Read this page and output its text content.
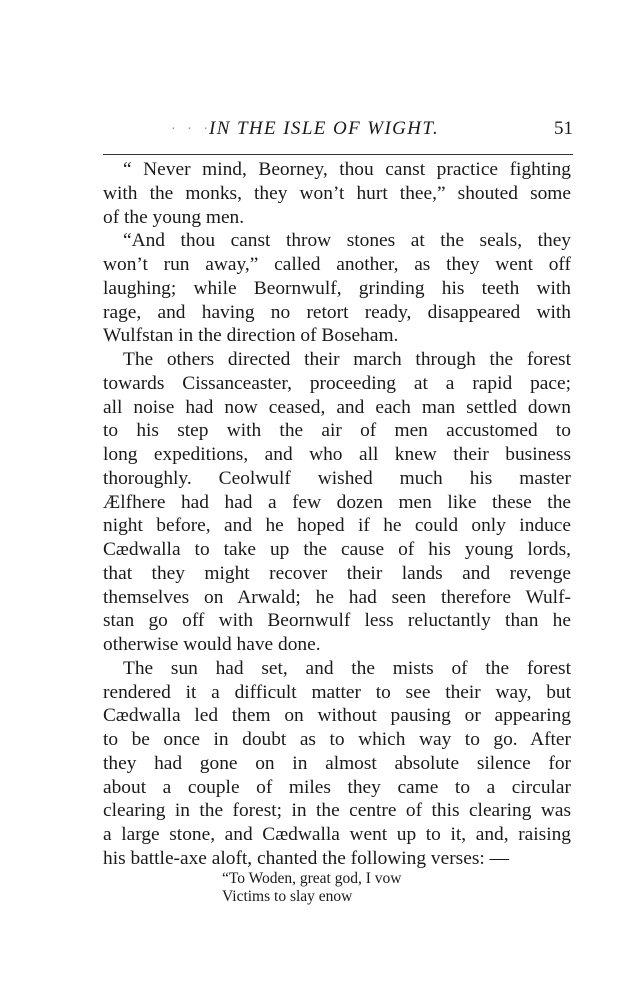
· · ·
IN THE ISLE OF WIGHT.	51
“ Never mind, Beorney, thou canst practice fighting
with the monks, they won’t hurt thee,” shouted some
of the young men.
“And thou canst throw stones at the seals, they
won’t run away,” called another, as they went off
laughing; while Beornwulf, grinding his teeth with
rage, and having no retort ready, disappeared with
Wulfstan in the direction of Boseham.
The others directed their march through the forest
towards Cissanceaster, proceeding at a rapid pace;
all noise had now ceased, and each man settled down
to his step with the air of men accustomed to
long expeditions, and who all knew their business
thoroughly. Ceolwulf wished much his master
Ælfhere had had a few dozen men like these the
night before, and he hoped if he could only induce
Cædwalla to take up the cause of his young lords,
that they might recover their lands and revenge
themselves on Arwald; he had seen therefore Wulf-
stan go off with Beornwulf less reluctantly than he
otherwise would have done.
The sun had set, and the mists of the forest
rendered it a difficult matter to see their way, but
Cædwalla led them on without pausing or appearing
to be once in doubt as to which way to go. After
they had gone on in almost absolute silence for
about a couple of miles they came to a circular
clearing in the forest; in the centre of this clearing was
a large stone, and Cædwalla went up to it, and, raising
his battle-axe aloft, chanted the following verses: —
“To Woden, great god, I vow
Victims to slay enow
